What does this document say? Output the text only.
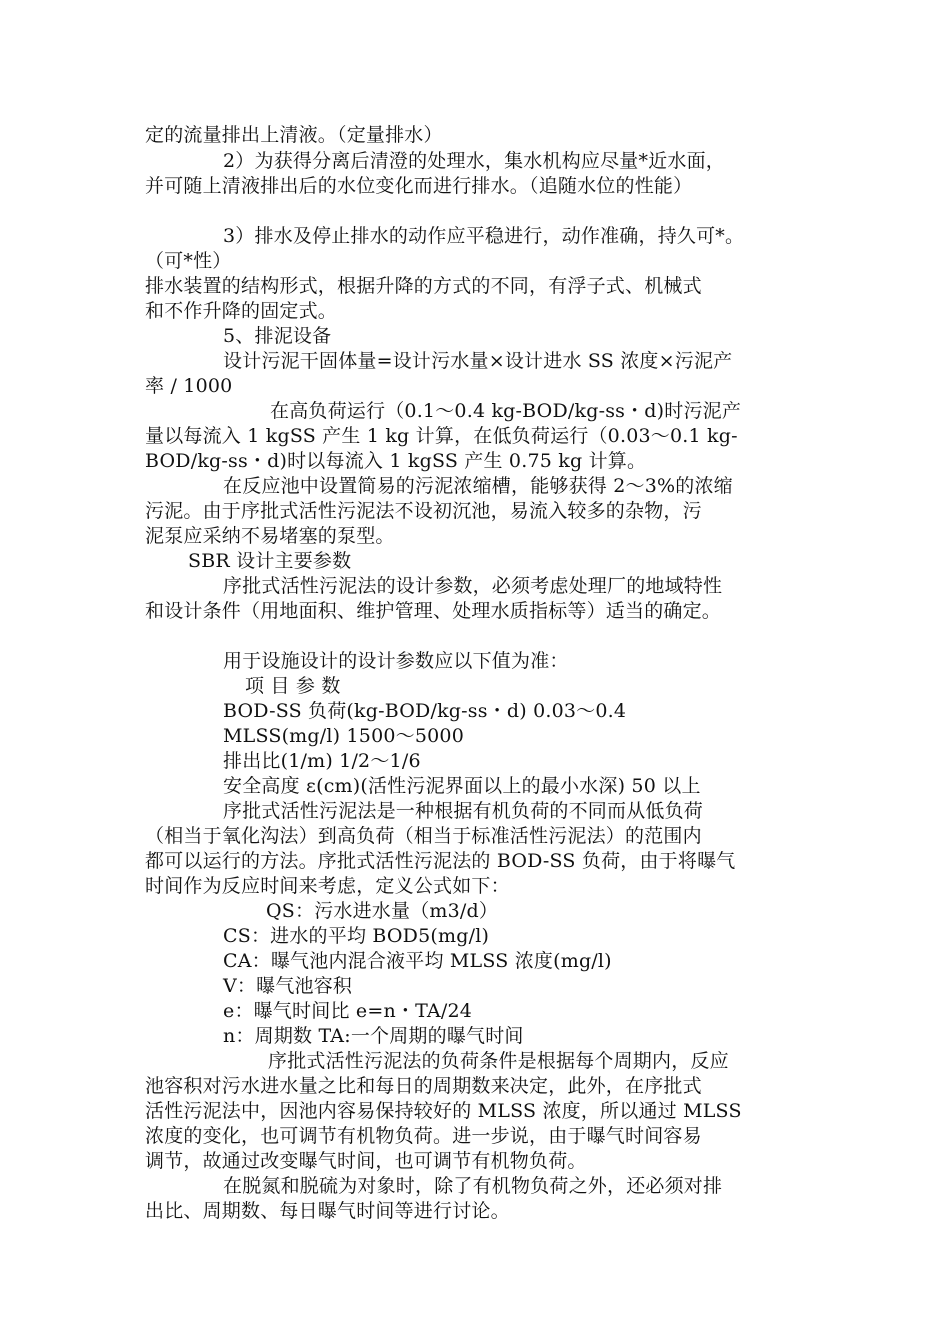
定的流量排出上清液。（定量排水）
2）为获得分离后清澄的处理水，集水机构应尽量*近水面，
并可随上清液排出后的水位变化而进行排水。（追随水位的性能）
3）排水及停止排水的动作应平稳进行，动作准确，持久可*。
（可*性）
排水装置的结构形式，根据升降的方式的不同，有浮子式、机械式
和不作升降的固定式。
5、排泥设备
设计污泥干固体量=设计污水量×设计进水 SS 浓度×污泥产
率 / 1000
在高负荷运行（0.1～0.4 kg-BOD/kg-ss・d)时污泥产
量以每流入 1 kgSS 产生 1 kg 计算，在低负荷运行（0.03～0.1 kg-
BOD/kg-ss・d)时以每流入 1 kgSS 产生 0.75 kg 计算。
在反应池中设置简易的污泥浓缩槽，能够获得 2～3%的浓缩
污泥。由于序批式活性污泥法不设初沉池，易流入较多的杂物，污
泥泵应采纳不易堵塞的泵型。
SBR 设计主要参数
序批式活性污泥法的设计参数，必须考虑处理厂的地域特性
和设计条件（用地面积、维护管理、处理水质指标等）适当的确定。
用于设施设计的设计参数应以下值为准：
项 目 参 数
BOD-SS 负荷(kg-BOD/kg-ss・d) 0.03～0.4
MLSS(mg/l) 1500～5000
排出比(1/m) 1/2～1/6
安全高度 ε(cm)(活性污泥界面以上的最小水深) 50 以上
序批式活性污泥法是一种根据有机负荷的不同而从低负荷
（相当于氧化沟法）到高负荷（相当于标准活性污泥法）的范围内
都可以运行的方法。序批式活性污泥法的 BOD-SS 负荷，由于将曝气
时间作为反应时间来考虑，定义公式如下：
QS：污水进水量（m3/d）
CS：进水的平均 BOD5(mg/l)
CA：曝气池内混合液平均 MLSS 浓度(mg/l)
V：曝气池容积
e：曝气时间比 e=n・TA/24
n：周期数 TA:一个周期的曝气时间
序批式活性污泥法的负荷条件是根据每个周期内，反应
池容积对污水进水量之比和每日的周期数来决定，此外，在序批式
活性污泥法中，因池内容易保持较好的 MLSS 浓度，所以通过 MLSS
浓度的变化，也可调节有机物负荷。进一步说，由于曝气时间容易
调节，故通过改变曝气时间，也可调节有机物负荷。
在脱氮和脱硫为对象时，除了有机物负荷之外，还必须对排
出比、周期数、每日曝气时间等进行讨论。
